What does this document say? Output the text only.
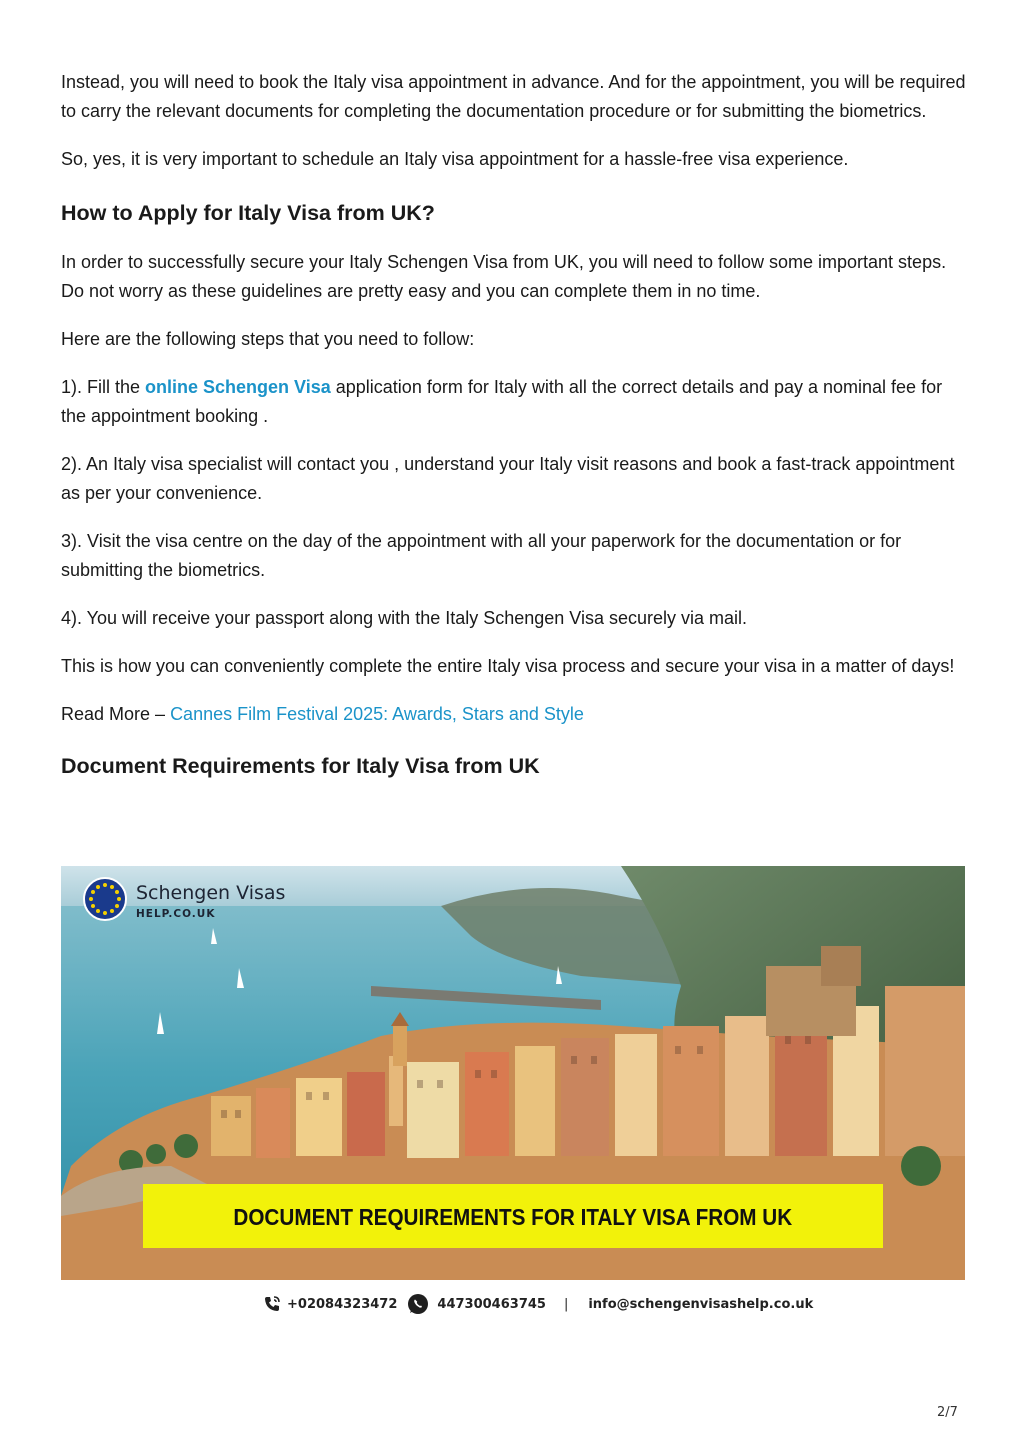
Instead, you will need to book the Italy visa appointment in advance. And for the appointment, you will be required to carry the relevant documents for completing the documentation procedure or for submitting the biometrics.

So, yes, it is very important to schedule an Italy visa appointment for a hassle-free visa experience.

How to Apply for Italy Visa from UK?

In order to successfully secure your Italy Schengen Visa from UK, you will need to follow some important steps. Do not worry as these guidelines are pretty easy and you can complete them in no time.

Here are the following steps that you need to follow:

1). Fill the online Schengen Visa application form for Italy with all the correct details and pay a nominal fee for the appointment booking .

2). An Italy visa specialist will contact you , understand your Italy visit reasons and book a fast-track appointment as per your convenience.

3). Visit the visa centre on the day of the appointment with all your paperwork for the documentation or for submitting the biometrics.

4). You will receive your passport along with the Italy Schengen Visa securely via mail.

This is how you can conveniently complete the entire Italy visa process and secure your visa in a matter of days!

Read More – Cannes Film Festival 2025: Awards, Stars and Style

Document Requirements for Italy Visa from UK
Schengen Visas
HELP.CO.UK
DOCUMENT REQUIREMENTS FOR ITALY VISA FROM UK
+02084323472	447300463745 | info@schengenvisashelp.co.uk
2/7
